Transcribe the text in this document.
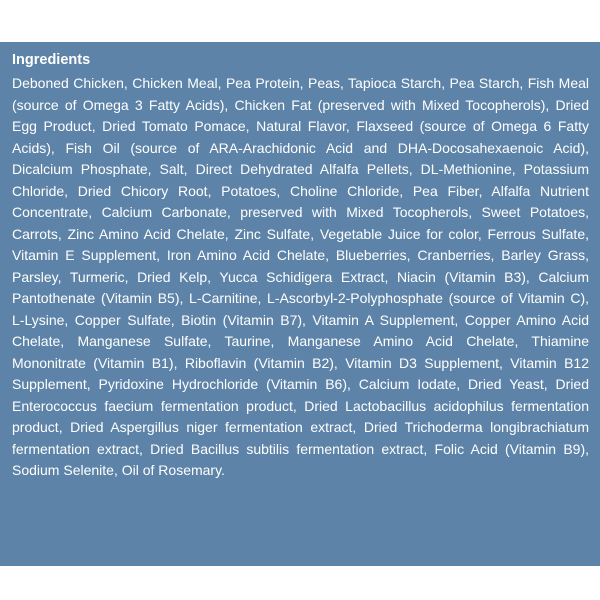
Ingredients

Deboned Chicken, Chicken Meal, Pea Protein, Peas, Tapioca Starch, Pea Starch, Fish Meal (source of Omega 3 Fatty Acids), Chicken Fat (preserved with Mixed Tocopherols), Dried Egg Product, Dried Tomato Pomace, Natural Flavor, Flaxseed (source of Omega 6 Fatty Acids), Fish Oil (source of ARA-Arachidonic Acid and DHA-Docosahexaenoic Acid), Dicalcium Phosphate, Salt, Direct Dehydrated Alfalfa Pellets, DL-Methionine, Potassium Chloride, Dried Chicory Root, Potatoes, Choline Chloride, Pea Fiber, Alfalfa Nutrient Concentrate, Calcium Carbonate, preserved with Mixed Tocopherols, Sweet Potatoes, Carrots, Zinc Amino Acid Chelate, Zinc Sulfate, Vegetable Juice for color, Ferrous Sulfate, Vitamin E Supplement, Iron Amino Acid Chelate, Blueberries, Cranberries, Barley Grass, Parsley, Turmeric, Dried Kelp, Yucca Schidigera Extract, Niacin (Vitamin B3), Calcium Pantothenate (Vitamin B5), L-Carnitine, L-Ascorbyl-2-Polyphosphate (source of Vitamin C), L-Lysine, Copper Sulfate, Biotin (Vitamin B7), Vitamin A Supplement, Copper Amino Acid Chelate, Manganese Sulfate, Taurine, Manganese Amino Acid Chelate, Thiamine Mononitrate (Vitamin B1), Riboflavin (Vitamin B2), Vitamin D3 Supplement, Vitamin B12 Supplement, Pyridoxine Hydrochloride (Vitamin B6), Calcium Iodate, Dried Yeast, Dried Enterococcus faecium fermentation product, Dried Lactobacillus acidophilus fermentation product, Dried Aspergillus niger fermentation extract, Dried Trichoderma longibrachiatum fermentation extract, Dried Bacillus subtilis fermentation extract, Folic Acid (Vitamin B9), Sodium Selenite, Oil of Rosemary.
